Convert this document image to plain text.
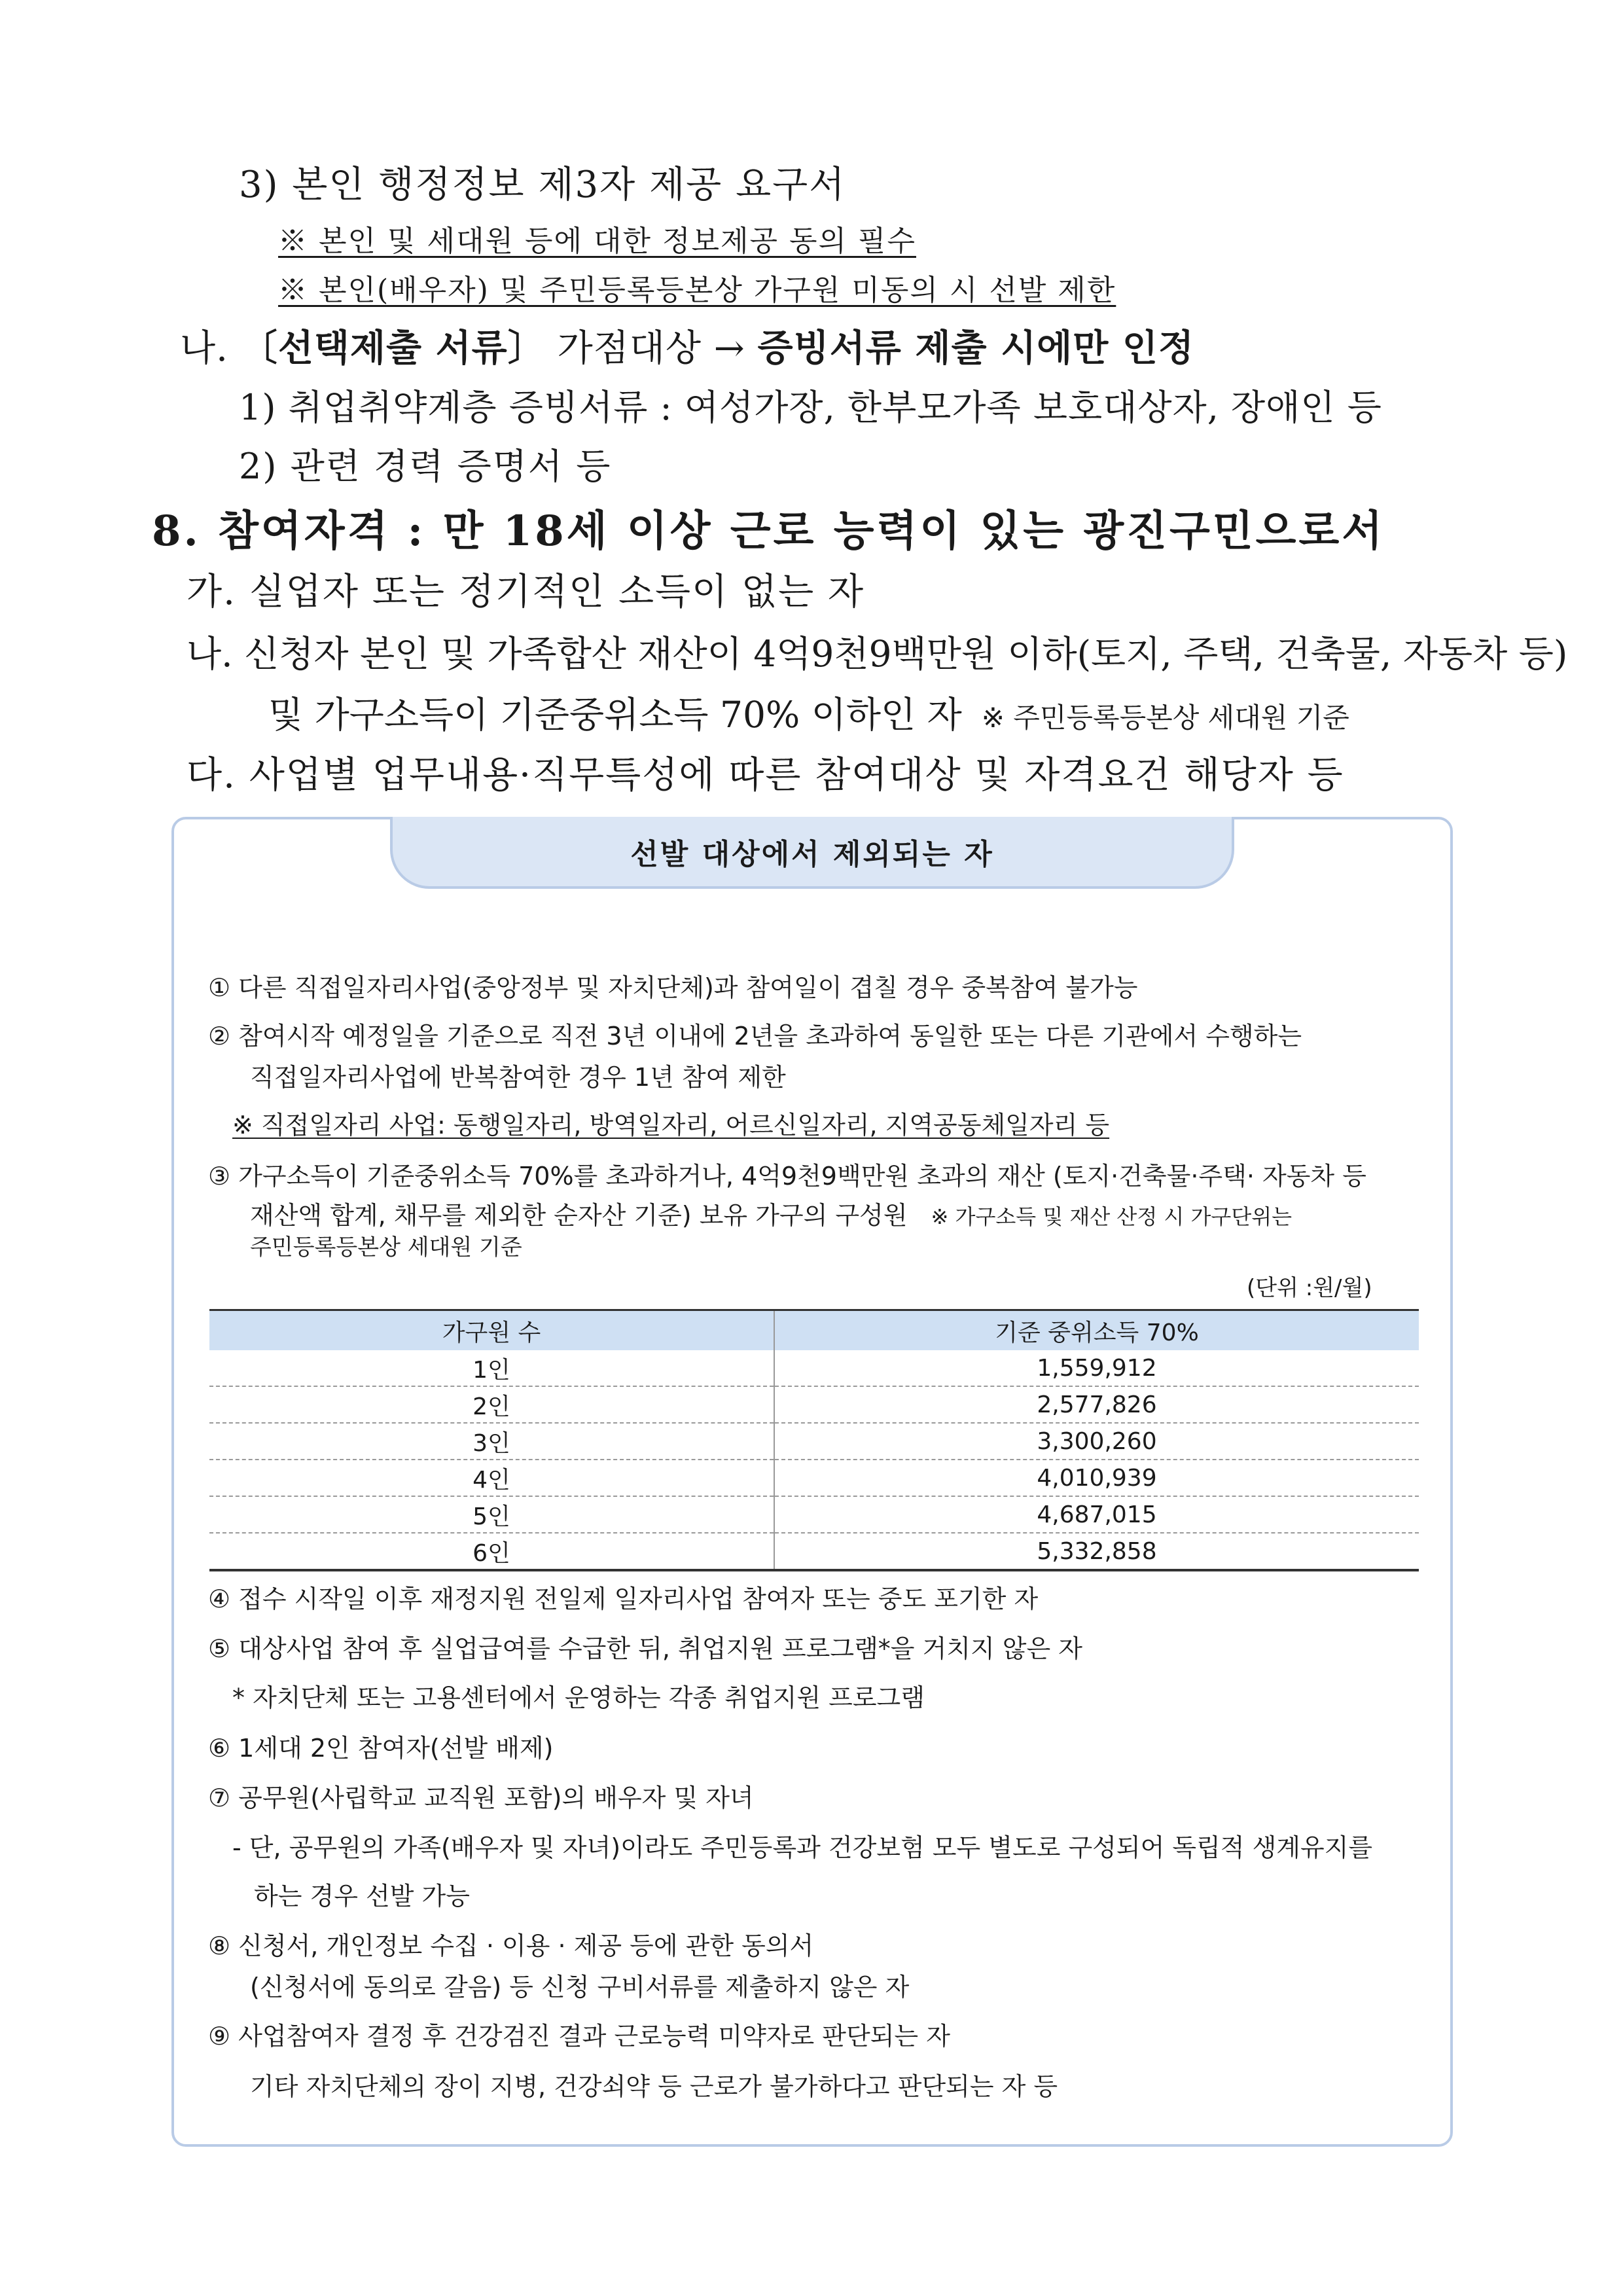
3) 본인 행정정보 제3자 제공 요구서
※ 본인 및 세대원 등에 대한 정보제공 동의 필수
※ 본인(배우자) 및 주민등록등본상 가구원 미동의 시 선발 제한
나. 〔선택제출 서류〕 가점대상 → 증빙서류 제출 시에만 인정
1) 취업취약계층 증빙서류 : 여성가장, 한부모가족 보호대상자, 장애인 등
2) 관련 경력 증명서 등
8. 참여자격 : 만 18세 이상 근로 능력이 있는 광진구민으로서
가. 실업자 또는 정기적인 소득이 없는 자
나. 신청자 본인 및 가족합산 재산이 4억9천9백만원 이하(토지, 주택, 건축물, 자동차 등)
및 가구소득이 기준중위소득 70% 이하인 자 ※ 주민등록등본상 세대원 기준
다. 사업별 업무내용·직무특성에 따른 참여대상 및 자격요건 해당자 등
선발 대상에서 제외되는 자
① 다른 직접일자리사업(중앙정부 및 자치단체)과 참여일이 겹칠 경우 중복참여 불가능
② 참여시작 예정일을 기준으로 직전 3년 이내에 2년을 초과하여 동일한 또는 다른 기관에서 수행하는
직접일자리사업에 반복참여한 경우 1년 참여 제한
※ 직접일자리 사업: 동행일자리, 방역일자리, 어르신일자리, 지역공동체일자리 등
③ 가구소득이 기준중위소득 70%를 초과하거나, 4억9천9백만원 초과의 재산 (토지·건축물·주택· 자동차 등
재산액 합계, 채무를 제외한 순자산 기준) 보유 가구의 구성원 ※ 가구소득 및 재산 산정 시 가구단위는
주민등록등본상 세대원 기준
(단위 :원/월)
가구원 수	기준 중위소득 70%
1인	1,559,912
2인	2,577,826
3인	3,300,260
4인	4,010,939
5인	4,687,015
6인	5,332,858
④ 접수 시작일 이후 재정지원 전일제 일자리사업 참여자 또는 중도 포기한 자
⑤ 대상사업 참여 후 실업급여를 수급한 뒤, 취업지원 프로그램*을 거치지 않은 자
* 자치단체 또는 고용센터에서 운영하는 각종 취업지원 프로그램
⑥ 1세대 2인 참여자(선발 배제)
⑦ 공무원(사립학교 교직원 포함)의 배우자 및 자녀
- 단, 공무원의 가족(배우자 및 자녀)이라도 주민등록과 건강보험 모두 별도로 구성되어 독립적 생계유지를
하는 경우 선발 가능
⑧ 신청서, 개인정보 수집 · 이용 · 제공 등에 관한 동의서
(신청서에 동의로 갈음) 등 신청 구비서류를 제출하지 않은 자
⑨ 사업참여자 결정 후 건강검진 결과 근로능력 미약자로 판단되는 자
기타 자치단체의 장이 지병, 건강쇠약 등 근로가 불가하다고 판단되는 자 등
